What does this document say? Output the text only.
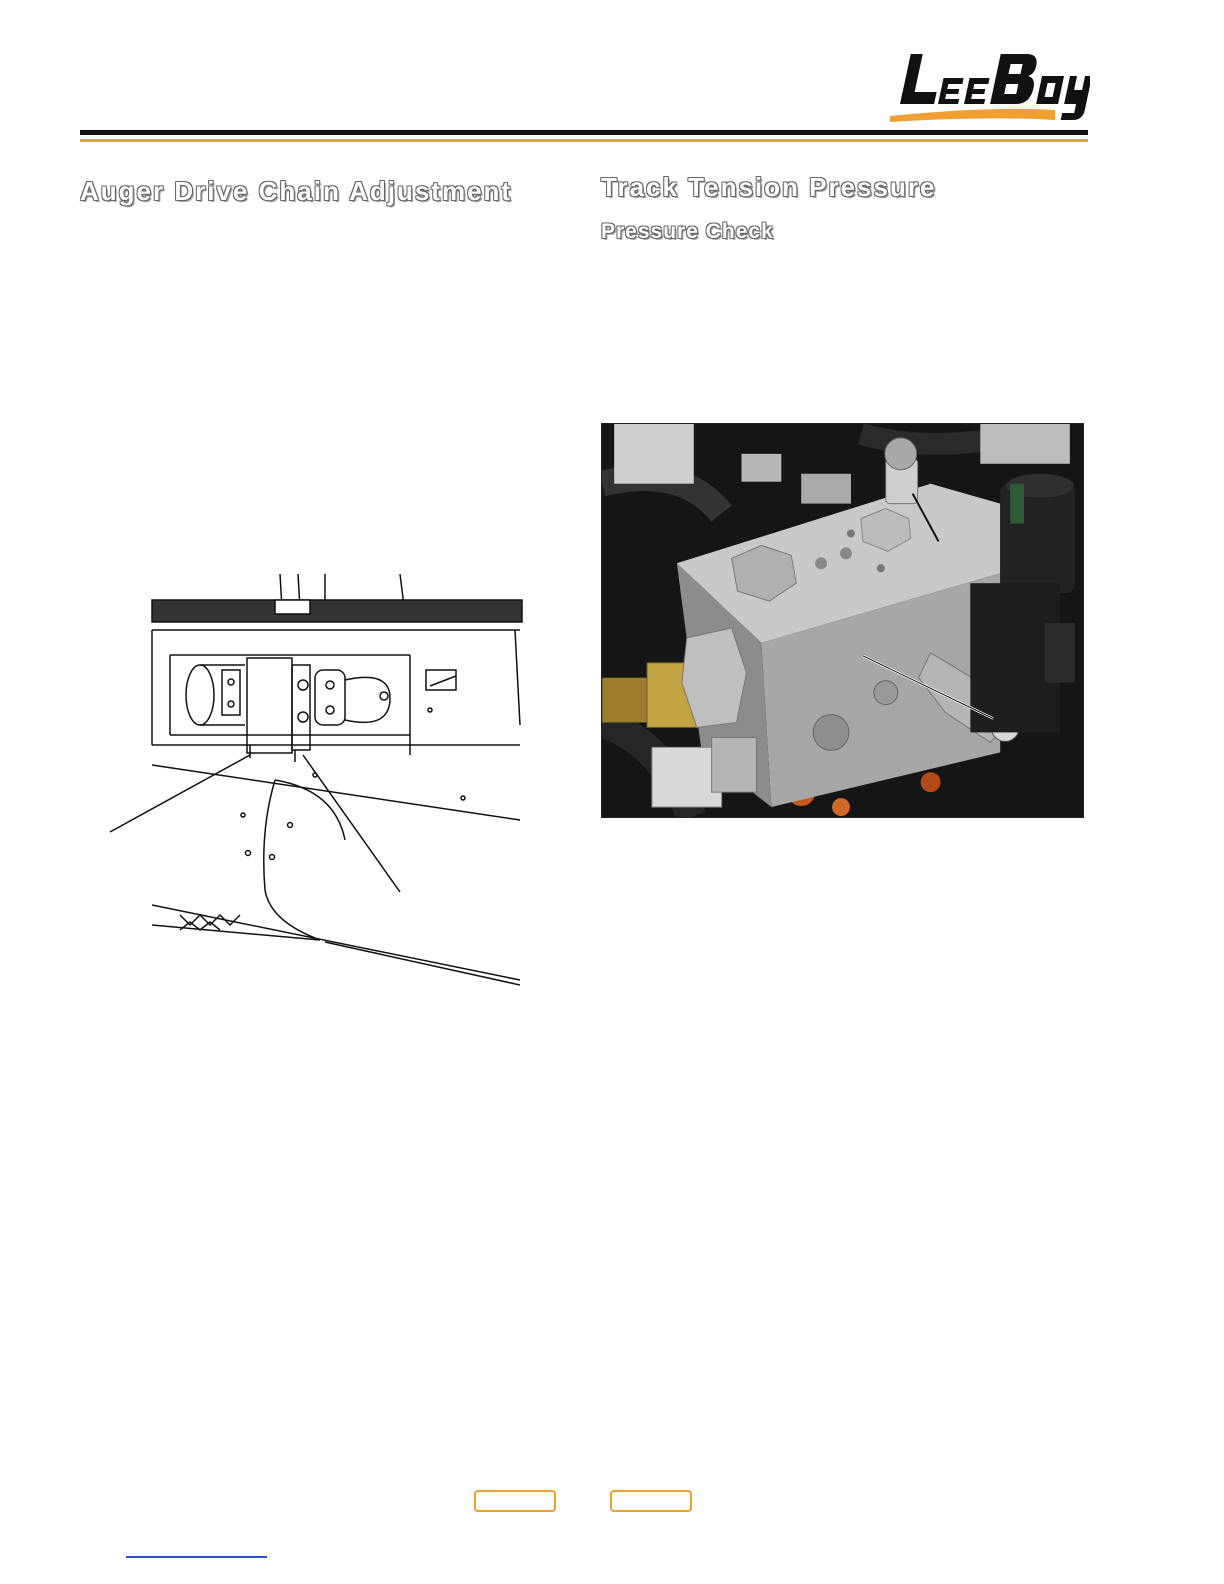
Auger Drive Chain Adjustment	Track Tension Pressure
Pressure Check
